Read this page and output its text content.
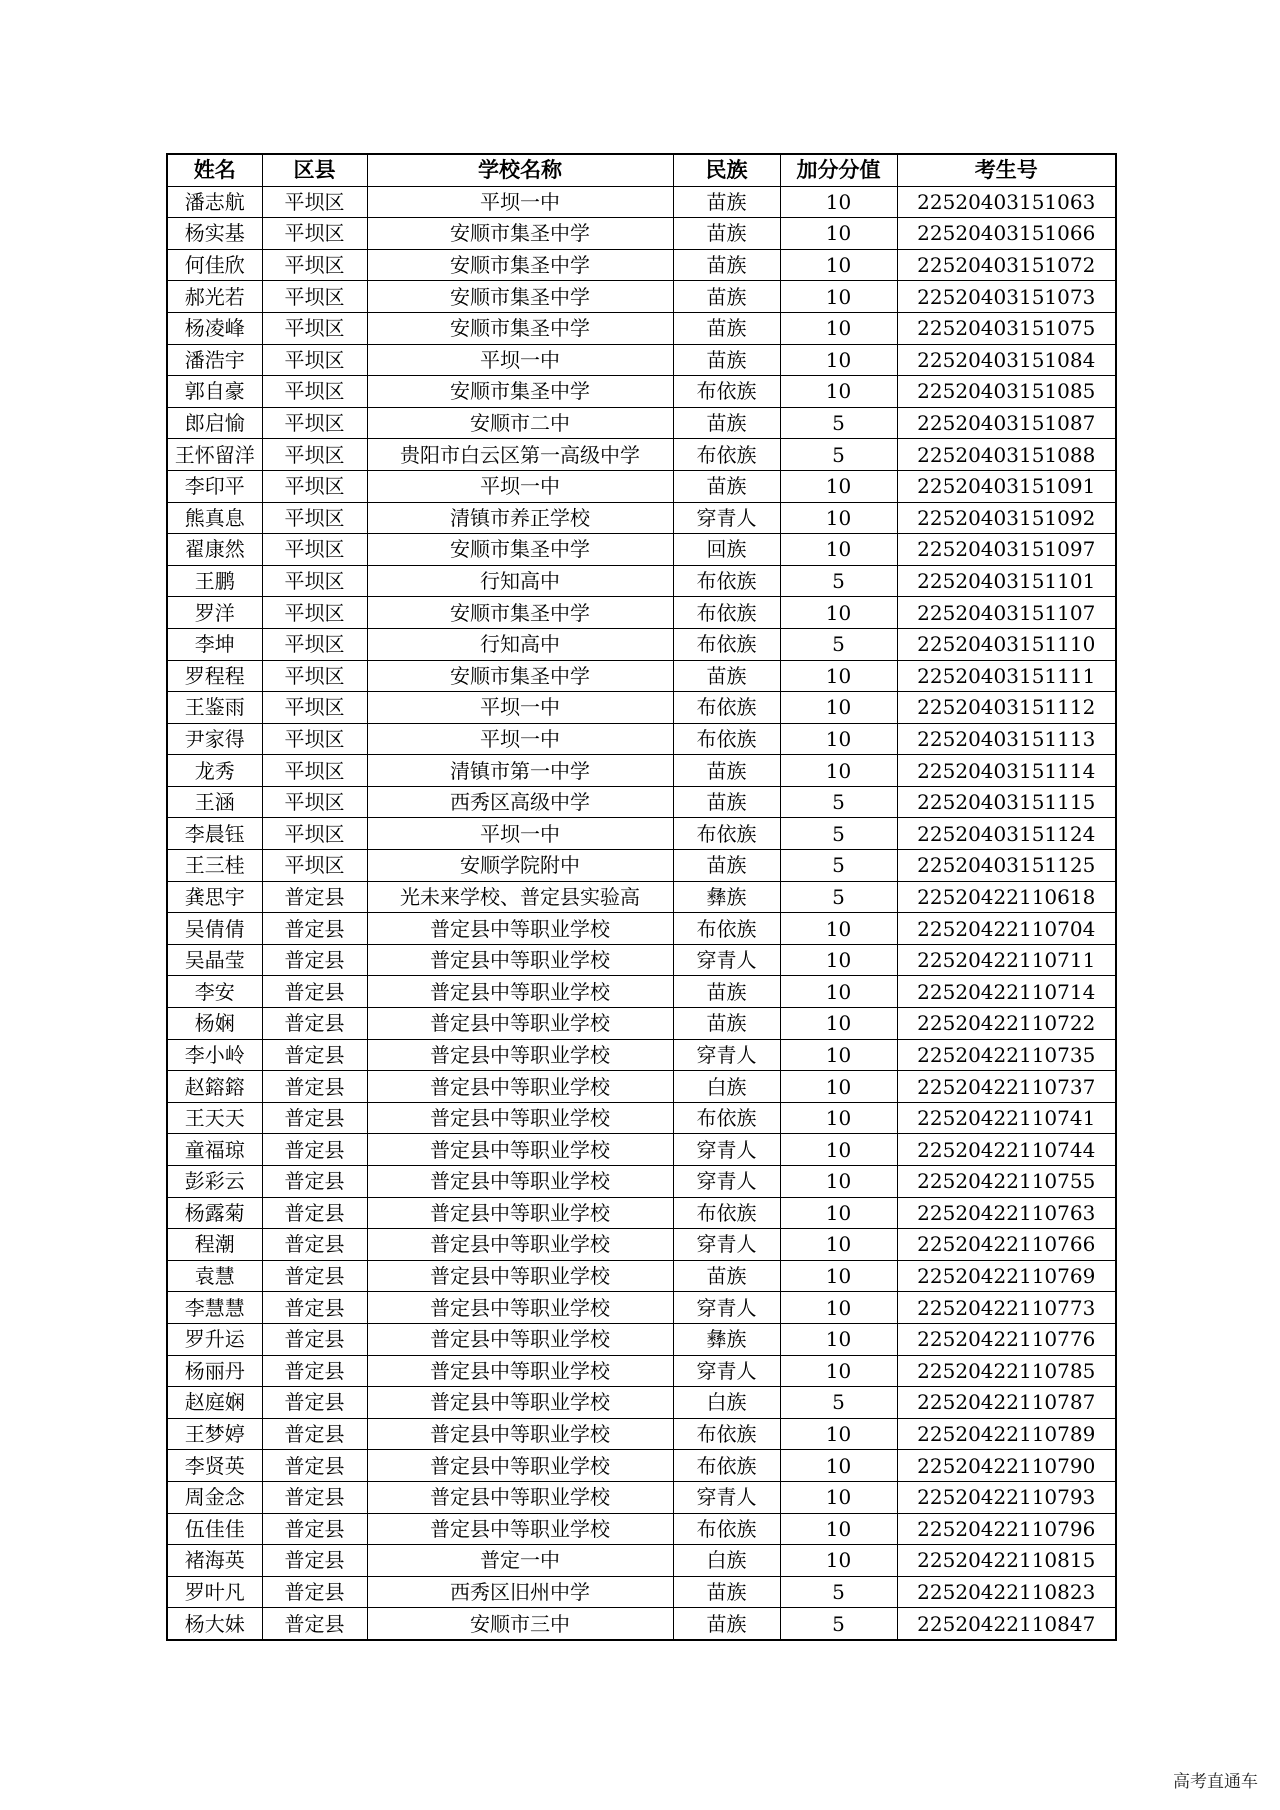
姓名	区县	学校名称	民族	加分分值	考生号
潘志航	平坝区	平坝一中	苗族	10	22520403151063
杨实基	平坝区	安顺市集圣中学	苗族	10	22520403151066
何佳欣	平坝区	安顺市集圣中学	苗族	10	22520403151072
郝光若	平坝区	安顺市集圣中学	苗族	10	22520403151073
杨凌峰	平坝区	安顺市集圣中学	苗族	10	22520403151075
潘浩宇	平坝区	平坝一中	苗族	10	22520403151084
郭自豪	平坝区	安顺市集圣中学	布依族	10	22520403151085
郎启愉	平坝区	安顺市二中	苗族	5	22520403151087
王怀留洋	平坝区	贵阳市白云区第一高级中学	布依族	5	22520403151088
李印平	平坝区	平坝一中	苗族	10	22520403151091
熊真息	平坝区	清镇市养正学校	穿青人	10	22520403151092
翟康然	平坝区	安顺市集圣中学	回族	10	22520403151097
王鹏	平坝区	行知高中	布依族	5	22520403151101
罗洋	平坝区	安顺市集圣中学	布依族	10	22520403151107
李坤	平坝区	行知高中	布依族	5	22520403151110
罗程程	平坝区	安顺市集圣中学	苗族	10	22520403151111
王鉴雨	平坝区	平坝一中	布依族	10	22520403151112
尹家得	平坝区	平坝一中	布依族	10	22520403151113
龙秀	平坝区	清镇市第一中学	苗族	10	22520403151114
王涵	平坝区	西秀区高级中学	苗族	5	22520403151115
李晨钰	平坝区	平坝一中	布依族	5	22520403151124
王三桂	平坝区	安顺学院附中	苗族	5	22520403151125
龚思宇	普定县	光未来学校、普定县实验高	彝族	5	22520422110618
吴倩倩	普定县	普定县中等职业学校	布依族	10	22520422110704
吴晶莹	普定县	普定县中等职业学校	穿青人	10	22520422110711
李安	普定县	普定县中等职业学校	苗族	10	22520422110714
杨娴	普定县	普定县中等职业学校	苗族	10	22520422110722
李小岭	普定县	普定县中等职业学校	穿青人	10	22520422110735
赵鎔鎔	普定县	普定县中等职业学校	白族	10	22520422110737
王天天	普定县	普定县中等职业学校	布依族	10	22520422110741
童福琼	普定县	普定县中等职业学校	穿青人	10	22520422110744
彭彩云	普定县	普定县中等职业学校	穿青人	10	22520422110755
杨露菊	普定县	普定县中等职业学校	布依族	10	22520422110763
程潮	普定县	普定县中等职业学校	穿青人	10	22520422110766
袁慧	普定县	普定县中等职业学校	苗族	10	22520422110769
李慧慧	普定县	普定县中等职业学校	穿青人	10	22520422110773
罗升运	普定县	普定县中等职业学校	彝族	10	22520422110776
杨丽丹	普定县	普定县中等职业学校	穿青人	10	22520422110785
赵庭娴	普定县	普定县中等职业学校	白族	5	22520422110787
王梦婷	普定县	普定县中等职业学校	布依族	10	22520422110789
李贤英	普定县	普定县中等职业学校	布依族	10	22520422110790
周金念	普定县	普定县中等职业学校	穿青人	10	22520422110793
伍佳佳	普定县	普定县中等职业学校	布依族	10	22520422110796
褚海英	普定县	普定一中	白族	10	22520422110815
罗叶凡	普定县	西秀区旧州中学	苗族	5	22520422110823
杨大妹	普定县	安顺市三中	苗族	5	22520422110847
高考直通车
